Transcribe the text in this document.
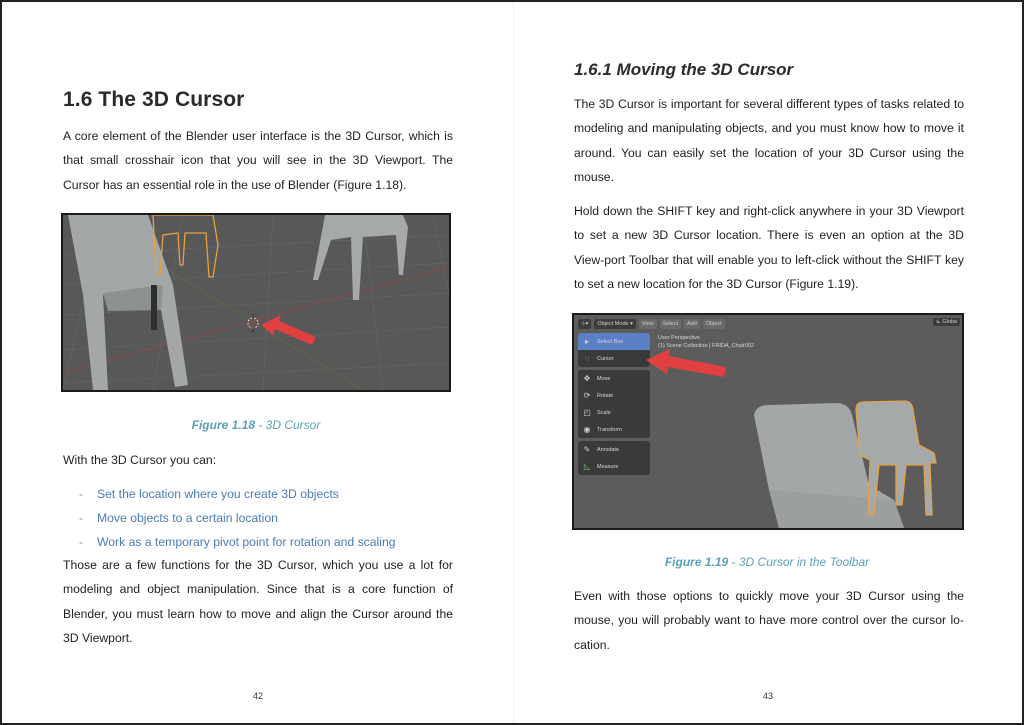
1.6 The 3D Cursor

A core element of the Blender user interface is the 3D Cursor, which is that small crosshair icon that you will see in the 3D Viewport. The Cursor has an essential role in the use of Blender (Figure 1.18).

Figure 1.18 - 3D Cursor

With the 3D Cursor you can:

- Set the location where you create 3D objects
- Move objects to a certain location
- Work as a temporary pivot point for rotation and scaling

Those are a few functions for the 3D Cursor, which you use a lot for modeling and object manipulation. Since that is a core function of Blender, you must learn how to move and align the Cursor around the 3D Viewport.

42
1.6.1 Moving the 3D Cursor

The 3D Cursor is important for several different types of tasks related to modeling and manipulating objects, and you must know how to move it around. You can easily set the location of your 3D Cursor using the mouse.

Hold down the SHIFT key and right-click anywhere in your 3D Viewport to set a new 3D Cursor location. There is even an option at the 3D View-port Toolbar that will enable you to left-click without the SHIFT key to set a new location for the 3D Cursor (Figure 1.19).

⊹▾	Object Mode ▾	View	Select	Add	Object	⊾ Globa
User Perspective
(1) Scene Collection | FRIDA_Chair002
▸	Select Box
◌	Cursor
✥	Move
⟳	Rotate
◰ Scale
◉ Transform
✎	Annotate
◺	Measure

Figure 1.19 - 3D Cursor in the Toolbar

Even with those options to quickly move your 3D Cursor using the mouse, you will probably want to have more control over the cursor lo-cation.

43
